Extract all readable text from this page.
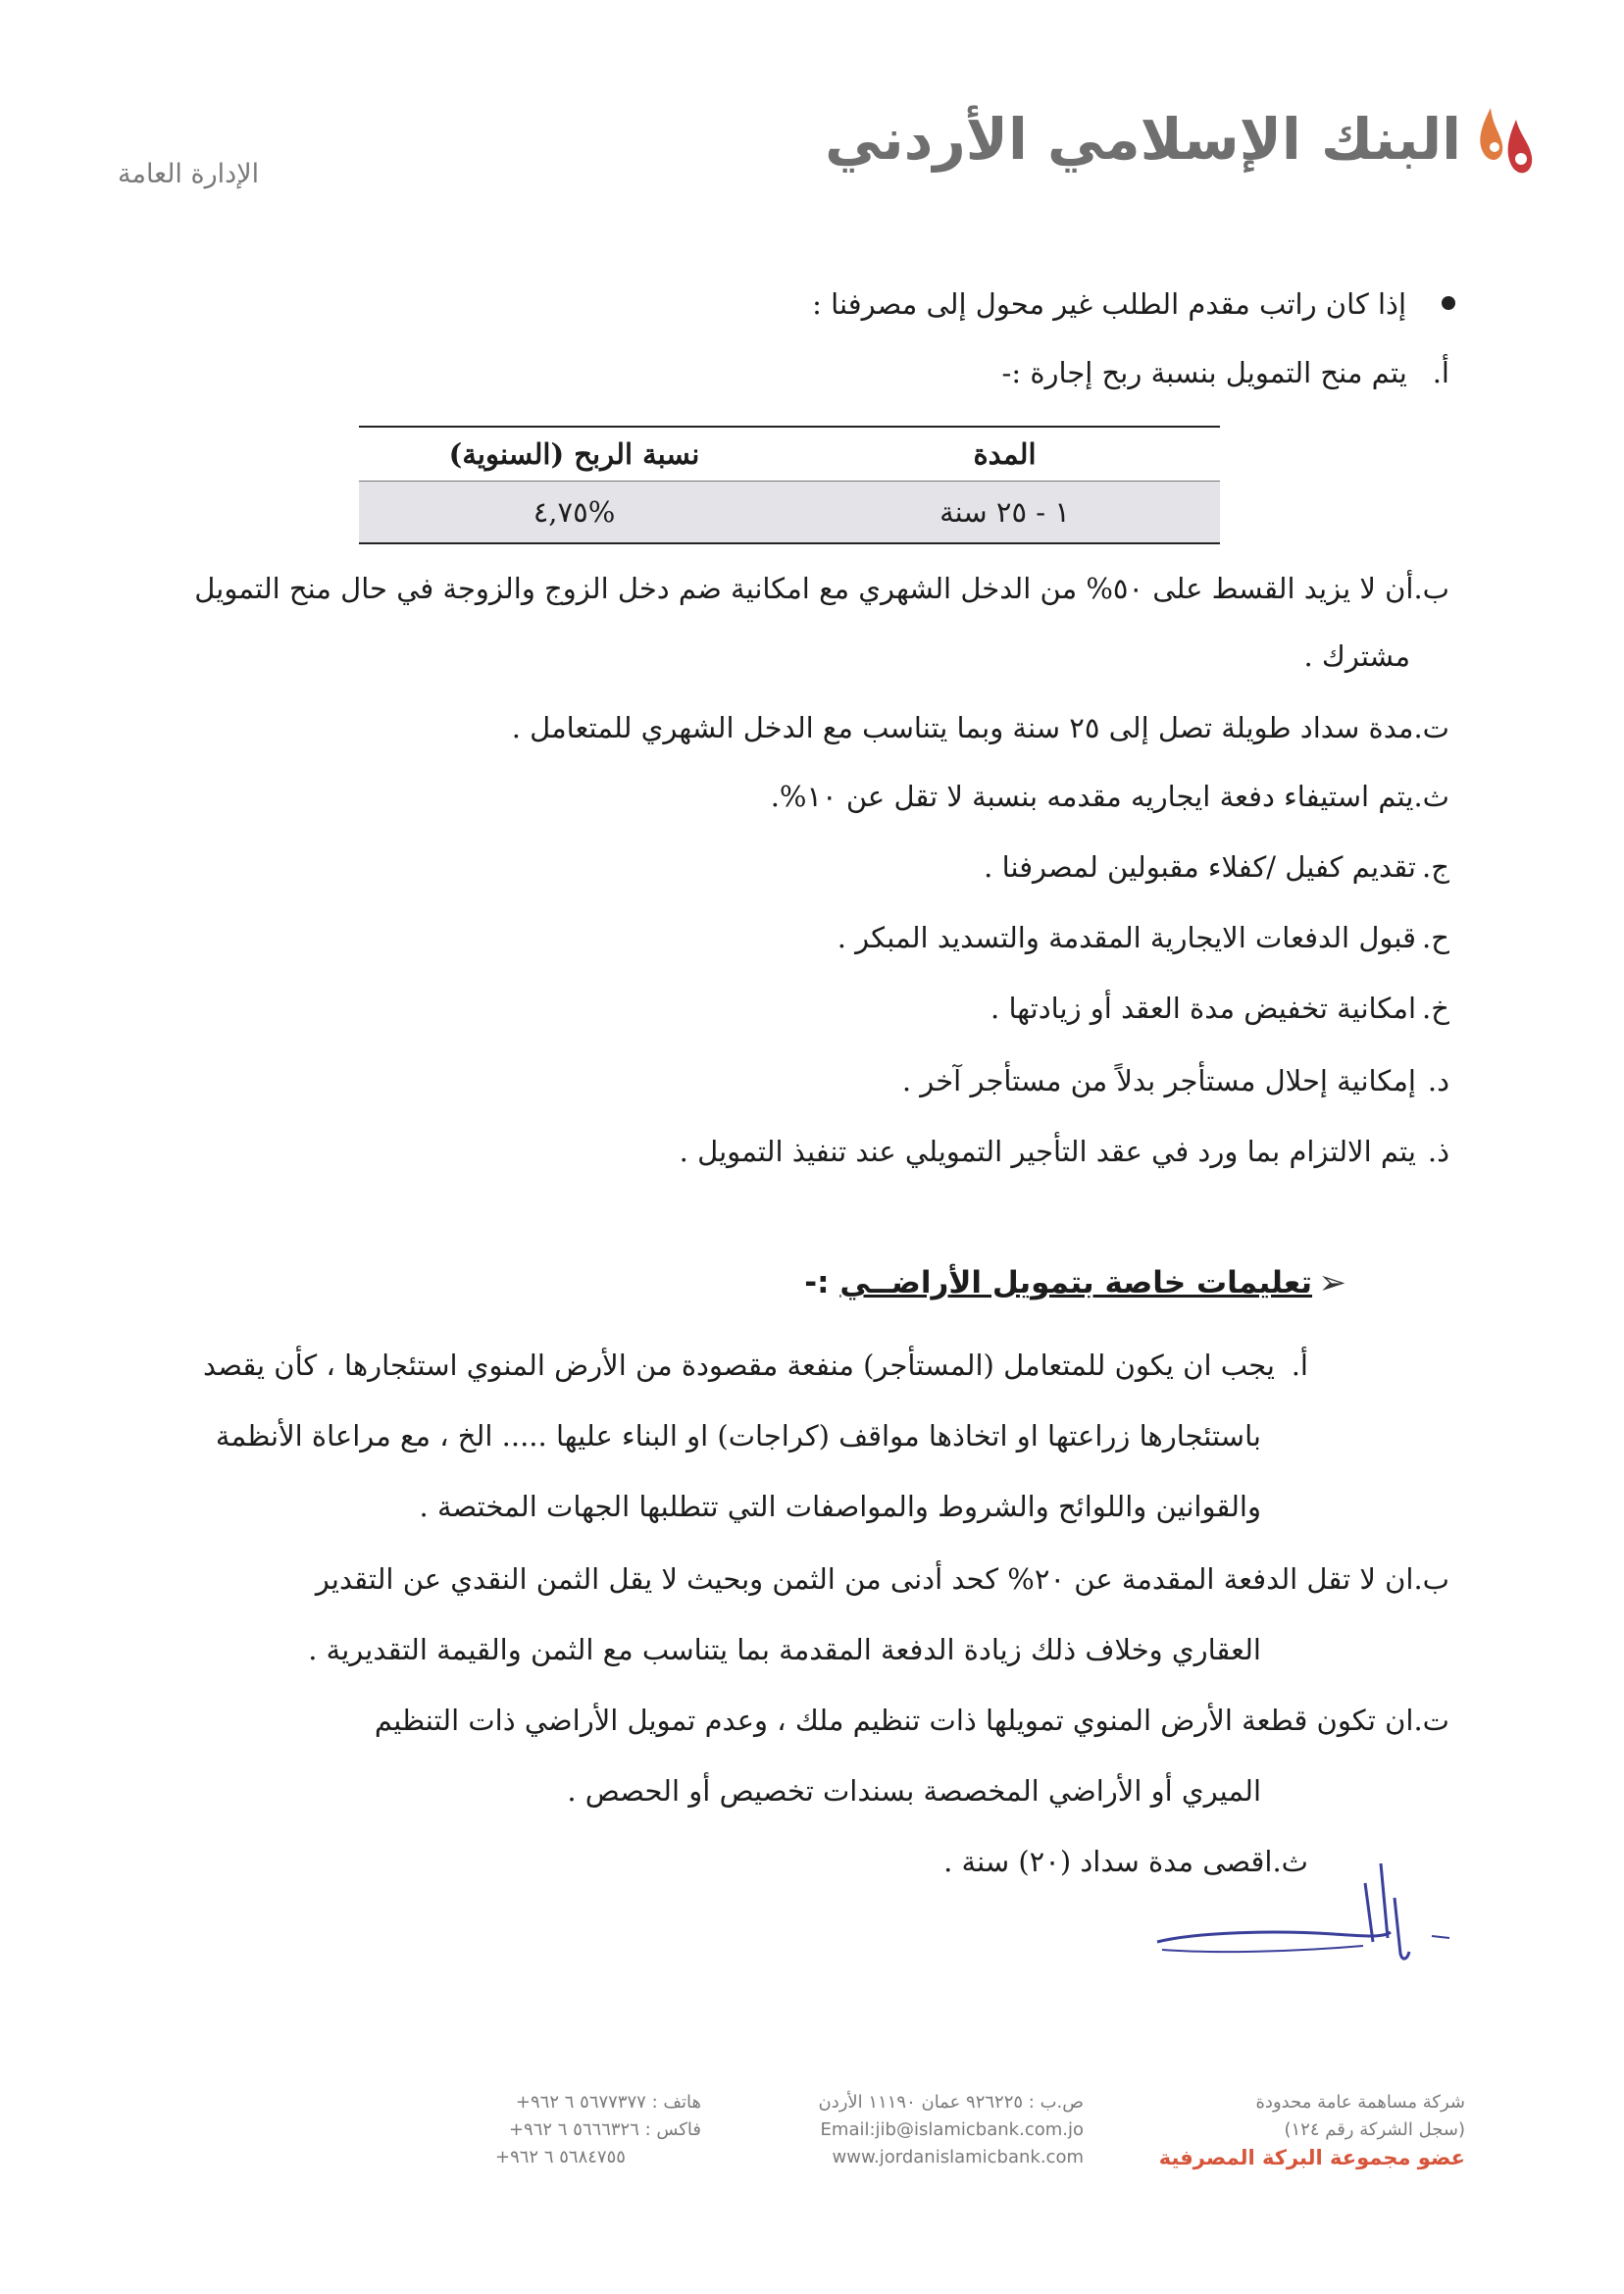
البنك الإسلامي الأردني
الإدارة العامة
إذا كان راتب مقدم الطلب غير محول إلى مصرفنا :
أ. يتم منح التمويل بنسبة ربح إجارة :-
المدة
نسبة الربح (السنوية)
١ - ٢٥ سنة
%٤,٧٥
ب.أن لا يزيد القسط على ٥٠% من الدخل الشهري مع امكانية ضم دخل الزوج والزوجة في حال منح التمويل
مشترك .
ت.مدة سداد طويلة تصل إلى ٢٥ سنة وبما يتناسب مع الدخل الشهري للمتعامل .
ث.يتم استيفاء دفعة ايجاريه مقدمه بنسبة لا تقل عن ١٠%.
ج.تقديم كفيل /كفلاء مقبولين لمصرفنا .
ح.قبول الدفعات الايجارية المقدمة والتسديد المبكر .
خ.امكانية تخفيض مدة العقد أو زيادتها .
د.إمكانية إحلال مستأجر بدلاً من مستأجر آخر .
ذ.يتم الالتزام بما ورد في عقد التأجير التمويلي عند تنفيذ التمويل .
➢
تعليمات خاصة بتمويل الأراضــي :-
أ.يجب ان يكون للمتعامل (المستأجر) منفعة مقصودة من الأرض المنوي استئجارها ، كأن يقصد
باستئجارها زراعتها او اتخاذها مواقف (كراجات) او البناء عليها ..... الخ ، مع مراعاة الأنظمة
والقوانين واللوائح والشروط والمواصفات التي تتطلبها الجهات المختصة .
ب.ان لا تقل الدفعة المقدمة عن ٢٠% كحد أدنى من الثمن وبحيث لا يقل الثمن النقدي عن التقدير
العقاري وخلاف ذلك زيادة الدفعة المقدمة بما يتناسب مع الثمن والقيمة التقديرية .
ت.ان تكون قطعة الأرض المنوي تمويلها ذات تنظيم ملك ، وعدم تمويل الأراضي ذات التنظيم
الميري أو الأراضي المخصصة بسندات تخصيص أو الحصص .
ث.اقصى مدة سداد (٢٠) سنة .
شركة مساهمة عامة محدودة
(سجل الشركة رقم ١٢٤)
عضو مجموعة البركة المصرفية
ص.ب : ٩٢٦٢٢٥ عمان ١١١٩٠ الأردن
Email:jib@islamicbank.com.jo
www.jordanislamicbank.com
هاتف : ٥٦٧٧٣٧٧ ٦ ٩٦٢+
فاكس : ٥٦٦٦٣٢٦ ٦ ٩٦٢+
٥٦٨٤٧٥٥ ٦ ٩٦٢+
